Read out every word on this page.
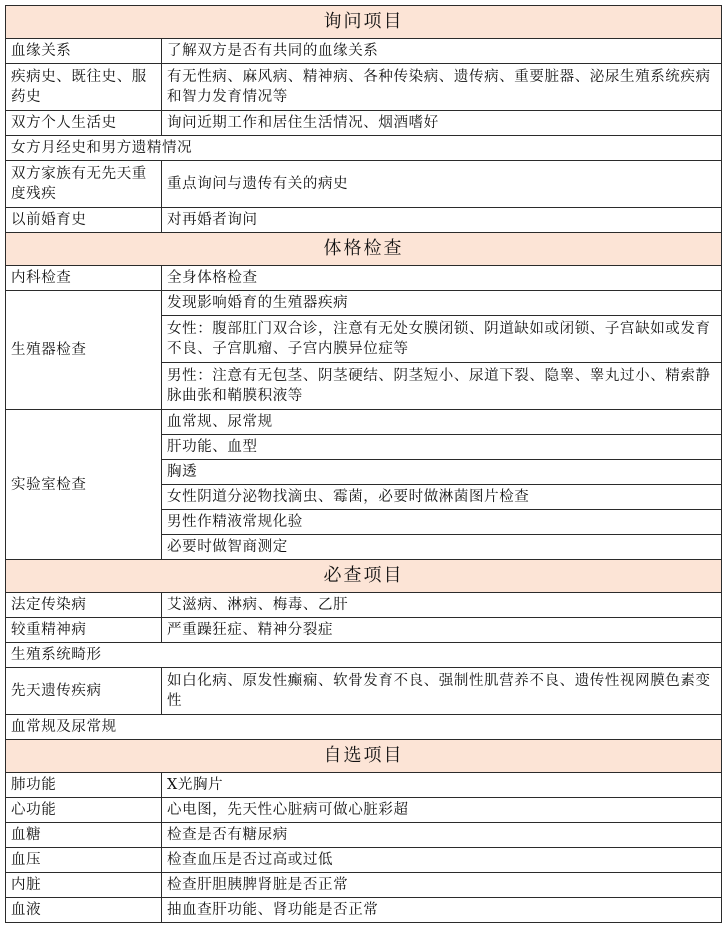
询问项目	
血缘关系	了解双方是否有共同的血缘关系
疾病史、既往史、服药史	有无性病、麻风病、精神病、各种传染病、遗传病、重要脏器、泌尿生殖系统疾病和智力发育情况等
双方个人生活史	询问近期工作和居住生活情况、烟酒嗜好
女方月经史和男方遗精情况	
双方家族有无先天重度残疾	重点询问与遗传有关的病史
以前婚育史	对再婚者询问
体格检查	
内科检查	全身体格检查
生殖器检查	发现影响婚育的生殖器疾病
	女性：腹部肛门双合诊，注意有无处女膜闭锁、阴道缺如或闭锁、子宫缺如或发育不良、子宫肌瘤、子宫内膜异位症等
	男性：注意有无包茎、阴茎硬结、阴茎短小、尿道下裂、隐睾、睾丸过小、精索静脉曲张和鞘膜积液等
实验室检查	血常规、尿常规
	肝功能、血型
	胸透
	女性阴道分泌物找滴虫、霉菌，必要时做淋菌图片检查
	男性作精液常规化验
	必要时做智商测定
必查项目	
法定传染病	艾滋病、淋病、梅毒、乙肝
较重精神病	严重躁狂症、精神分裂症
生殖系统畸形	
先天遗传疾病	如白化病、原发性癫痫、软骨发育不良、强制性肌营养不良、遗传性视网膜色素变性
血常规及尿常规	
自选项目	
肺功能	X光胸片
心功能	心电图，先天性心脏病可做心脏彩超
血糖	检查是否有糖尿病
血压	检查血压是否过高或过低
内脏	检查肝胆胰脾肾脏是否正常
血液	抽血查肝功能、肾功能是否正常
